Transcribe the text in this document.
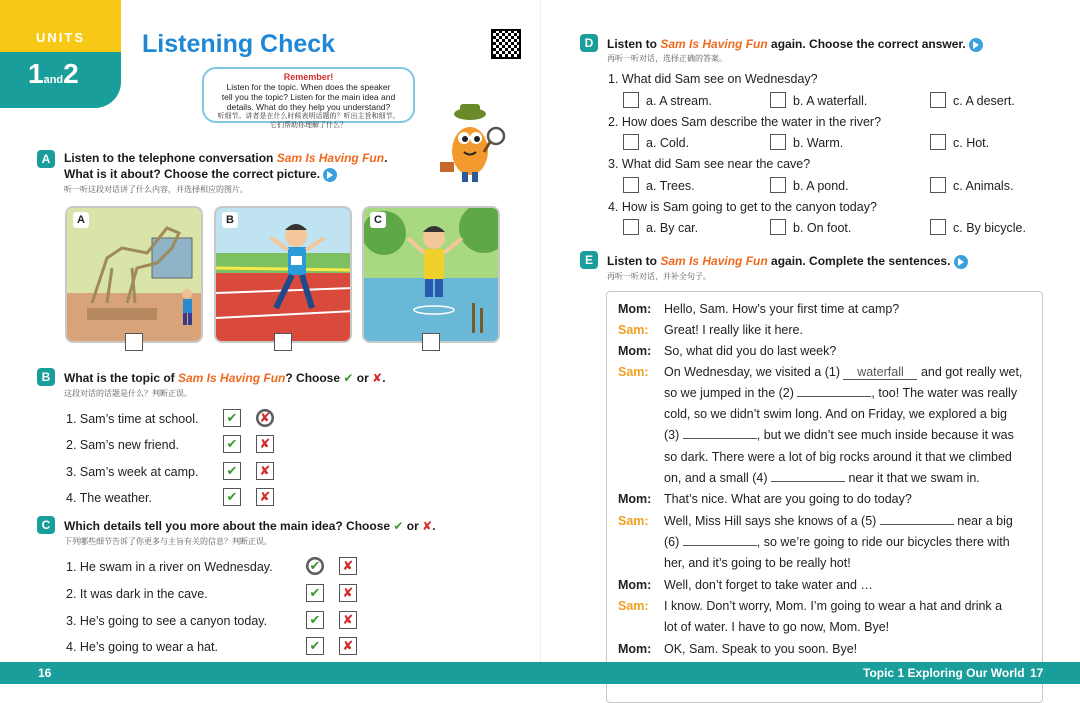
UNITS
1and2
Listening Check
Remember!
Listen for the topic. When does the speaker
tell you the topic? Listen for the main idea and
details. What do they help you understand?
听细节。讲者是在什么时候表明话题的？听出主旨和细节。
它们帮助你理解了什么？
A	Listen to the telephone conversation Sam Is Having Fun.
What is it about? Choose the correct picture.
听一听这段对话讲了什么内容，并选择相应的图片。
A	B	C
B	What is the topic of Sam Is Having Fun? Choose ✔ or ✘.
这段对话的话题是什么？判断正误。
1. Sam’s time at school. ✔ ✘
2. Sam’s new friend.	✔ ✘
3. Sam’s week at camp. ✔ ✘
4. The weather.	✔ ✘
C	Which details tell you more about the main idea? Choose ✔ or ✘.
下列哪些细节告诉了你更多与主旨有关的信息？判断正误。
1. He swam in a river on Wednesday.	✔ ✘
2. It was dark in the cave.	✔ ✘
3. He’s going to see a canyon today.	✔ ✘
4. He’s going to wear a hat.	✔ ✘
D	Listen to Sam Is Having Fun again. Choose the correct answer.
再听一听对话，选择正确的答案。
1. What did Sam see on Wednesday?
a. A stream.	b. A waterfall.	c. A desert.
2. How does Sam describe the water in the river?
a. Cold.	b. Warm.	c. Hot.
3. What did Sam see near the cave?
a. Trees.	b. A pond.	c. Animals.
4. How is Sam going to get to the canyon today?
a. By car.	b. On foot.	c. By bicycle.
E	Listen to Sam Is Having Fun again. Complete the sentences.
再听一听对话，并补全句子。
Mom: Hello, Sam. How’s your first time at camp?
Sam: Great! I really like it here.
Mom: So, what did you do last week?
Sam: On Wednesday, we visited a (1) waterfall and got really wet,
so we jumped in the (2)	, too! The water was really
cold, so we didn’t swim long. And on Friday, we explored a big
(3)	, but we didn’t see much inside because it was
so dark. There were a lot of big rocks around it that we climbed
on, and a small (4)	near it that we swam in.
Mom: That’s nice. What are you going to do today?
Sam: Well, Miss Hill says she knows of a (5)	near a big
(6)	, so we’re going to ride our bicycles there with
her, and it’s going to be really hot!
Mom: Well, don’t forget to take water and …
Sam: I know. Don’t worry, Mom. I’m going to wear a hat and drink a
lot of water. I have to go now, Mom. Bye!
Mom: OK, Sam. Speak to you soon. Bye!
16	Topic 1 Exploring Our World 17
